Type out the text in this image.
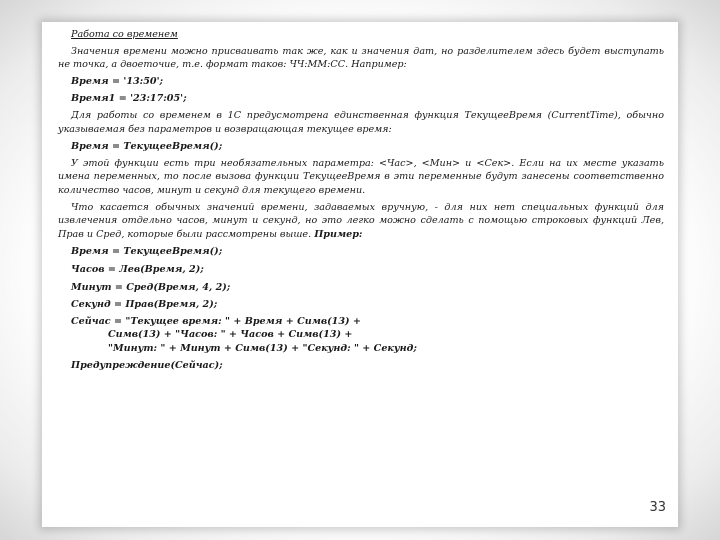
Работа со временем

Значения времени можно присваивать так же, как и значения дат, но разделителем здесь будет выступать не точка, а двоеточие, т.е. формат таков: ЧЧ:ММ:СС. Например:

Время = '13:50';

Время1 = '23:17:05';

Для работы со временем в 1С предусмотрена единственная функция ТекущееВремя (CurrentTime), обычно указываемая без параметров и возвращающая текущее время:

Время = ТекущееВремя();

У этой функции есть три необязательных параметра: <Час>, <Мин> и <Сек>. Если на их месте указать имена переменных, то после вызова функции ТекущееВремя в эти переменные будут занесены соответственно количество часов, минут и секунд для текущего времени.

Что касается обычных значений времени, задаваемых вручную, - для них нет специальных функций для извлечения отдельно часов, минут и секунд, но это легко можно сделать с помощью строковых функций Лев, Прав и Сред, которые были рассмотрены выше. Пример:

Время = ТекущееВремя();

Часов = Лев(Время, 2);

Минут = Сред(Время, 4, 2);

Секунд = Прав(Время, 2);

Сейчас = "Текущее время: " + Время + Симв(13) +

Симв(13) + "Часов: " + Часов + Симв(13) +

"Минут: " + Минут + Симв(13) + "Секунд: " + Секунд;

Предупреждение(Сейчас);

33
